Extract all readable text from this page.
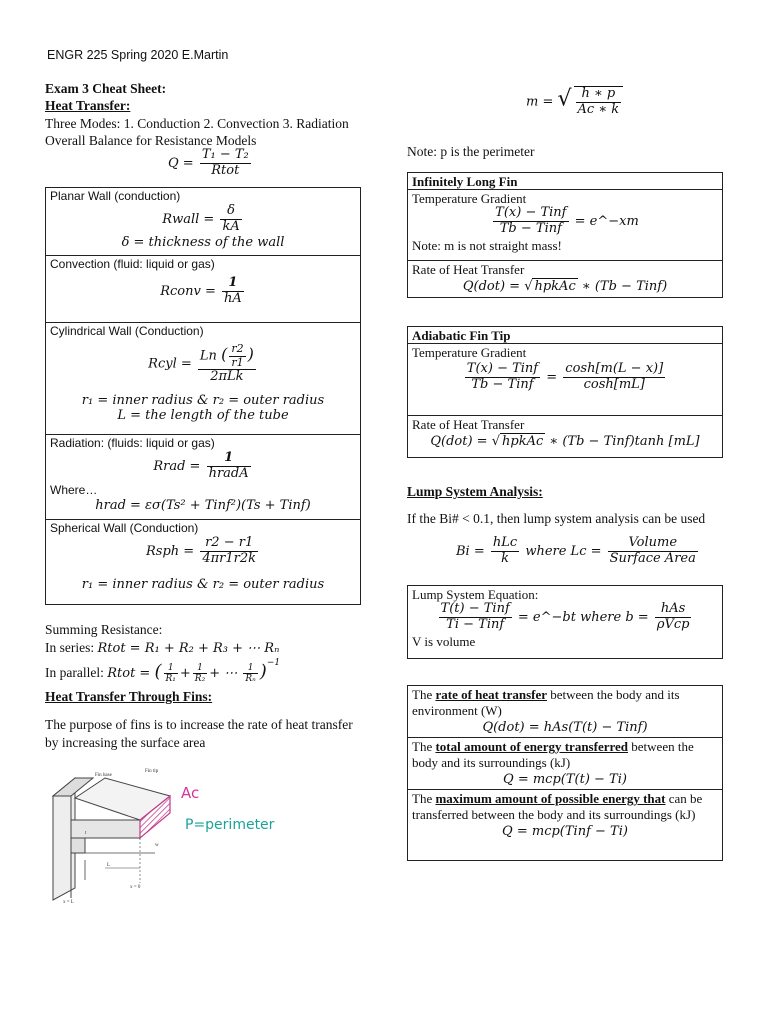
ENGR 225 Spring 2020 E.Martin
Exam 3 Cheat Sheet:
Heat Transfer:
Three Modes: 1. Conduction 2. Convection 3. Radiation
Overall Balance for Resistance Models
$Q = \frac{\text{T₁ − T₂}}{\text{Rtot}}$
Planar Wall (conduction)
Rwall = $\frac{\delta}{kA}$
δ = thickness of the wall
Convection (fluid: liquid or gas)
Rconv = $\frac{1}{hA}$
Cylindrical Wall (Conduction)
Rcyl = $\frac{Ln ( \frac{r2}{r1} )}{\text{2πLk}}$
r₁ = inner radius & r₂ = outer radius
L = the length of the tube
Radiation: (fluids: liquid or gas)
Rrad = $\frac{1}{\text{hradA}}$
Where…
hrad = εσ(Ts² + Tinf²)(Ts + Tinf)
Spherical Wall (Conduction)
Rsph = $\frac{r2 - r1}{4\pi r1r2k}$
r₁ = inner radius & r₂ = outer radius
Summing Resistance:
In series: Rtot = R₁ + R₂ + R₃ + ⋯ Rₙ
In parallel: Rtot = ( $\frac{1}{\text{R₁}} + \frac{1}{\text{R₂}}$ + ⋯ $\frac{1}{\text{Rₙ}} )^{-1}$
Heat Transfer Through Fins:
The purpose of fins is to increase the rate of heat transfer by increasing the surface area
Fin base
Fin tip
x = 0
x = L
L
w
t
Ac
P=perimeter
m = √ $\frac{h ∗ p}{Ac ∗ k}$
Note: p is the perimeter
Infinitely Long Fin
Temperature Gradient
$\frac{\text{T(x) − Tinf}}{\text{Tb − Tinf}}$ = e^−xm
Note: m is not straight mass!
Rate of Heat Transfer
Q(dot) = √ hpkAc ∗ (Tb − Tinf)
Adiabatic Fin Tip
Temperature Gradient
$\frac{\text{T(x) − Tinf}}{\text{Tb − Tinf}} = \frac{\cosh[m(L - x)]}{\cosh[mL]}$
Rate of Heat Transfer
Q(dot) = √ hpkAc ∗ (Tb − Tinf)tanh [mL]
Lump System Analysis:
If the Bi# < 0.1, then lump system analysis can be used
$Bi = \frac{\text{hLc}}{k}$ where $Lc = \frac{\text{Volume}}{\text{Surface Area}}$
Lump System Equation:
$\frac{\text{T(t) − Tinf}}{\text{Ti − Tinf}}$ = e^−bt where $b = \frac{\text{hAs}}{\text{ρVcp}}$
V is volume
The rate of heat transfer between the body and its environment (W)
Q(dot) = hAs(T(t) − Tinf)
The total amount of energy transferred between the body and its surroundings (kJ)
Q = mcp(T(t) − Ti)
The maximum amount of possible energy that can be transferred between the body and its surroundings (kJ)
Q = mcp(Tinf − Ti)
